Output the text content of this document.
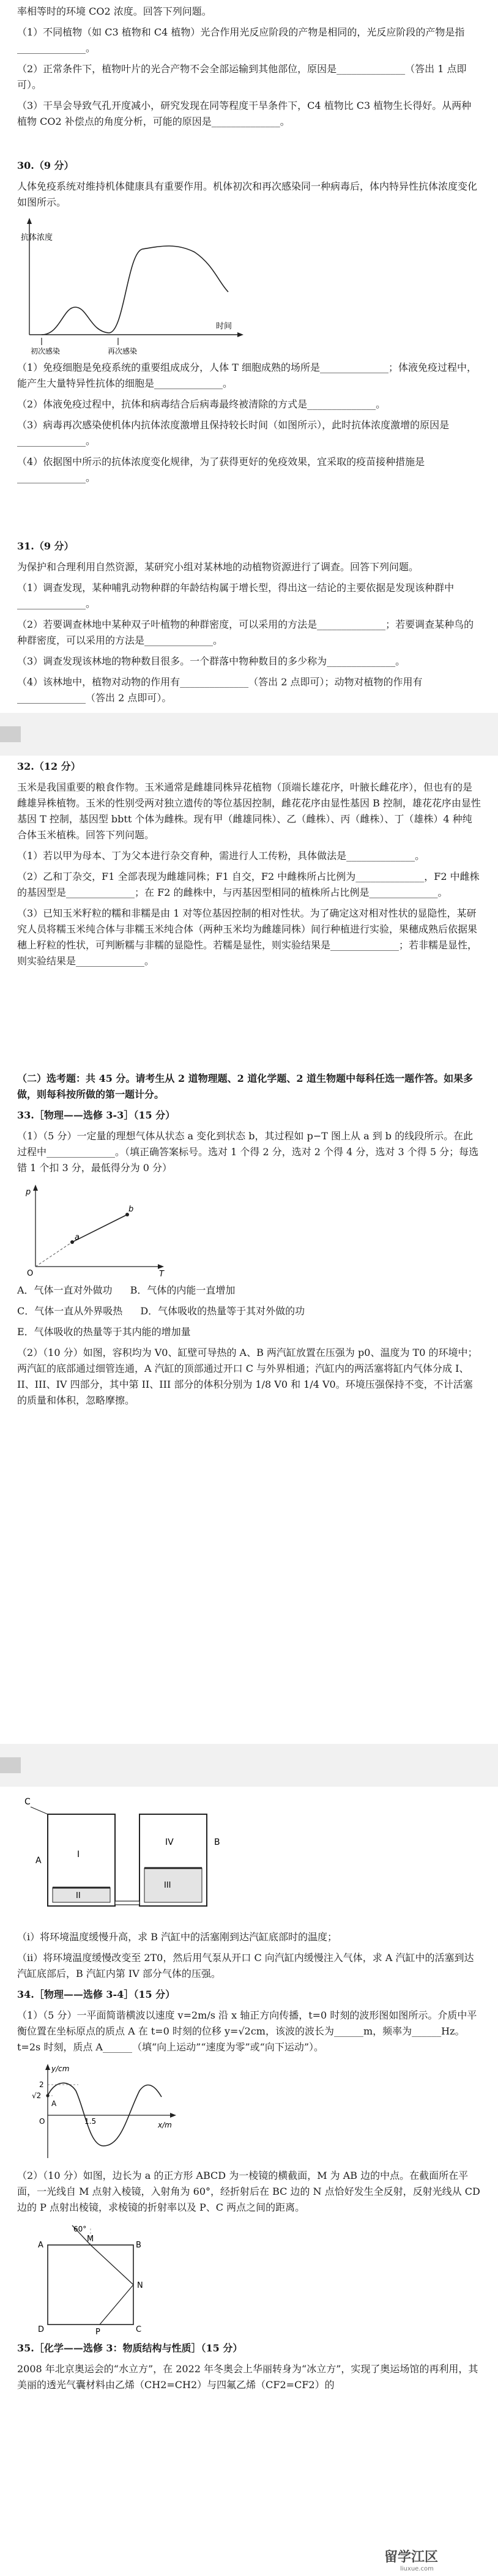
率相等时的环境 CO2 浓度。回答下列问题。

（1）不同植物（如 C3 植物和 C4 植物）光合作用光反应阶段的产物是相同的，光反应阶段的产物是指______________。

（2）正常条件下，植物叶片的光合产物不会全部运输到其他部位，原因是______________（答出 1 点即可）。

（3）干旱会导致气孔开度减小，研究发现在同等程度干旱条件下，C4 植物比 C3 植物生长得好。从两种植物 CO2 补偿点的角度分析，可能的原因是______________。

30.（9 分）

人体免疫系统对维持机体健康具有重要作用。机体初次和再次感染同一种病毒后，体内特异性抗体浓度变化如图所示。

抗体浓度
时间
初次感染	再次感染

（1）免疫细胞是免疫系统的重要组成成分，人体 T 细胞成熟的场所是______________；体液免疫过程中，能产生大量特异性抗体的细胞是______________。

（2）体液免疫过程中，抗体和病毒结合后病毒最终被清除的方式是______________。

（3）病毒再次感染使机体内抗体浓度激增且保持较长时间（如图所示），此时抗体浓度激增的原因是______________。

（4）依据图中所示的抗体浓度变化规律，为了获得更好的免疫效果，宜采取的疫苗接种措施是______________。

31.（9 分）

为保护和合理利用自然资源，某研究小组对某林地的动植物资源进行了调查。回答下列问题。

（1）调查发现，某种哺乳动物种群的年龄结构属于增长型，得出这一结论的主要依据是发现该种群中______________。

（2）若要调查林地中某种双子叶植物的种群密度，可以采用的方法是______________；若要调查某种鸟的种群密度，可以采用的方法是______________。

（3）调查发现该林地的物种数目很多。一个群落中物种数目的多少称为______________。

（4）该林地中，植物对动物的作用有______________（答出 2 点即可）；动物对植物的作用有______________（答出 2 点即可）。

32.（12 分）

玉米是我国重要的粮食作物。玉米通常是雌雄同株异花植物（顶端长雄花序，叶腋长雌花序），但也有的是雌雄异株植物。玉米的性别受两对独立遗传的等位基因控制，雌花花序由显性基因 B 控制，雄花花序由显性基因 T 控制，基因型 bbtt 个体为雌株。现有甲（雌雄同株）、乙（雌株）、丙（雌株）、丁（雄株）4 种纯合体玉米植株。回答下列问题。

（1）若以甲为母本、丁为父本进行杂交育种，需进行人工传粉，具体做法是______________。

（2）乙和丁杂交，F1 全部表现为雌雄同株；F1 自交，F2 中雌株所占比例为______________，F2 中雌株的基因型是______________；在 F2 的雌株中，与丙基因型相同的植株所占比例是______________。

（3）已知玉米籽粒的糯和非糯是由 1 对等位基因控制的相对性状。为了确定这对相对性状的显隐性，某研究人员将糯玉米纯合体与非糯玉米纯合体（两种玉米均为雌雄同株）间行种植进行实验，果穗成熟后依据果穗上籽粒的性状，可判断糯与非糯的显隐性。若糯是显性，则实验结果是______________；若非糯是显性，则实验结果是______________。

（二）选考题：共 45 分。请考生从 2 道物理题、2 道化学题、2 道生物题中每科任选一题作答。如果多做，则每科按所做的第一题计分。

33.［物理——选修 3-3］（15 分）

（1）（5 分）一定量的理想气体从状态 a 变化到状态 b，其过程如 p−T 图上从 a 到 b 的线段所示。在此过程中______________。（填正确答案标号。选对 1 个得 2 分，选对 2 个得 4 分，选对 3 个得 5 分；每选错 1 个扣 3 分，最低得分为 0 分）

p
T
O
a
b

A．气体一直对外做功 B．气体的内能一直增加

C．气体一直从外界吸热 D．气体吸收的热量等于其对外做的功

E．气体吸收的热量等于其内能的增加量

（2）（10 分）如图，容积均为 V0、缸壁可导热的 A、B 两汽缸放置在压强为 p0、温度为 T0 的环境中；两汽缸的底部通过细管连通，A 汽缸的顶部通过开口 C 与外界相通；汽缸内的两活塞将缸内气体分成 I、II、III、IV 四部分，其中第 II、III 部分的体积分别为 1/8 V0 和 1/4 V0。环境压强保持不变，不计活塞的质量和体积，忽略摩擦。

C
I
II
A
IV
III
B

（i）将环境温度缓慢升高，求 B 汽缸中的活塞刚到达汽缸底部时的温度；

（ii）将环境温度缓慢改变至 2T0，然后用气泵从开口 C 向汽缸内缓慢注入气体，求 A 汽缸中的活塞到达汽缸底部后，B 汽缸内第 IV 部分气体的压强。

34.［物理——选修 3-4］（15 分）

（1）（5 分）一平面简谐横波以速度 v=2m/s 沿 x 轴正方向传播，t=0 时刻的波形图如图所示。介质中平衡位置在坐标原点的质点 A 在 t=0 时刻的位移 y=√2cm，该波的波长为______m，频率为______Hz。t=2s 时刻，质点 A______（填“向上运动”“速度为零”或“向下运动”）。

y/cm
x/m
O
2
√2
A
1.5

（2）（10 分）如图，边长为 a 的正方形 ABCD 为一棱镜的横截面，M 为 AB 边的中点。在截面所在平面，一光线自 M 点射入棱镜，入射角为 60°，经折射后在 BC 边的 N 点恰好发生全反射，反射光线从 CD 边的 P 点射出棱镜，求棱镜的折射率以及 P、C 两点之间的距离。

60°
A
M
B
N
D	P	C

35.［化学——选修 3：物质结构与性质］（15 分）

2008 年北京奥运会的“水立方”，在 2022 年冬奥会上华丽转身为“冰立方”，实现了奥运场馆的再利用，其美丽的透光气囊材料由乙烯（CH2=CH2）与四氟乙烯（CF2=CF2）的

留学江区
liuxue.com
